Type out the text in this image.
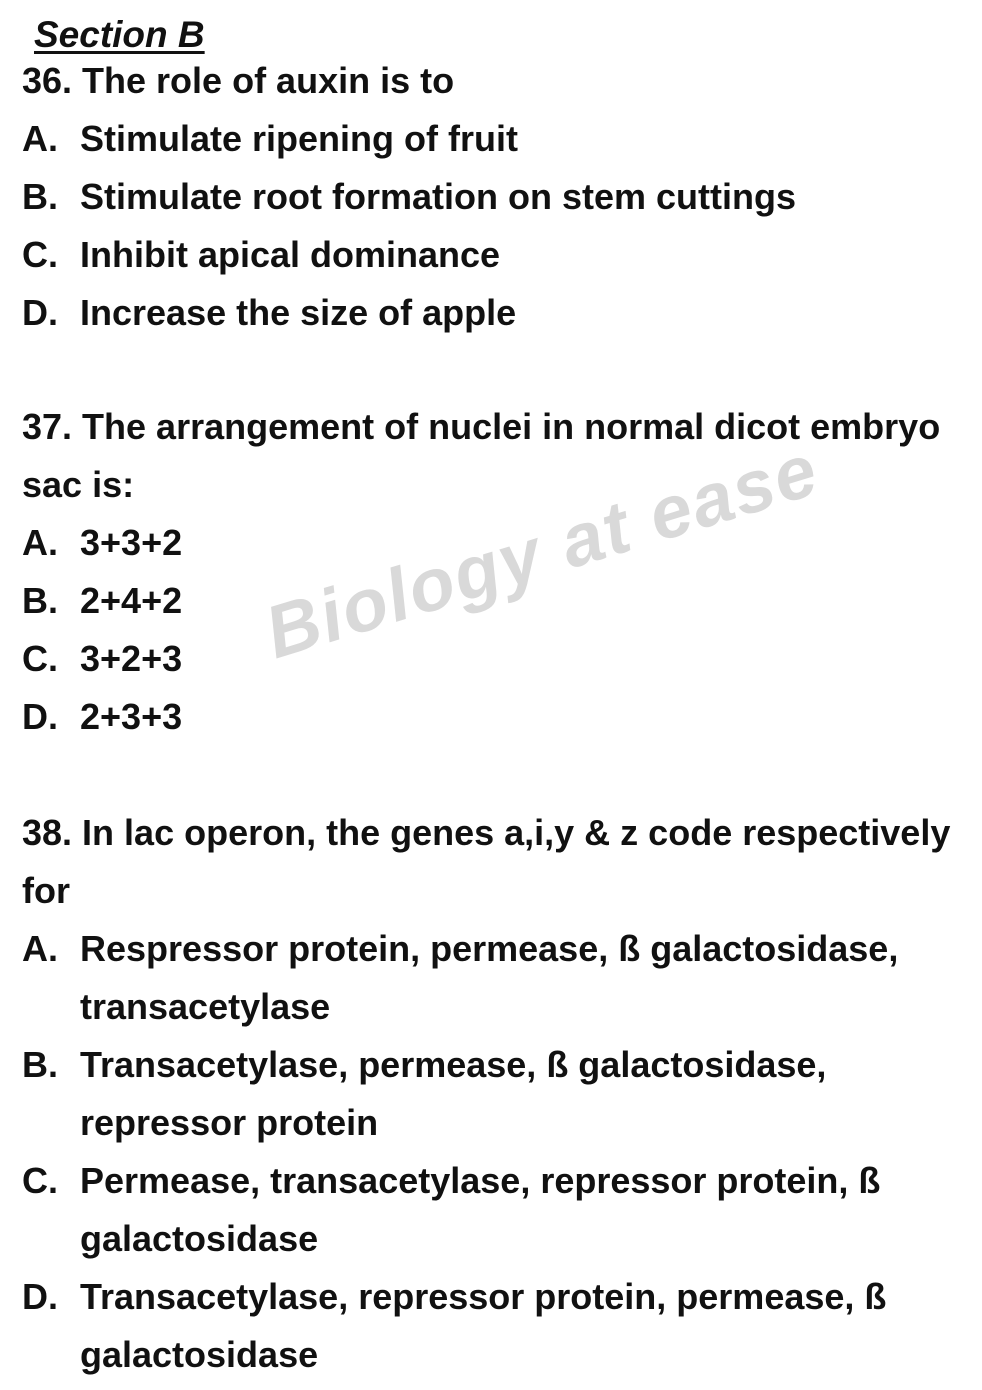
Section B
Biology at ease

36. The role of auxin is to

A. Stimulate ripening of fruit
B. Stimulate root formation on stem cuttings
C. Inhibit apical dominance
D. Increase the size of apple

37. The arrangement of nuclei in normal dicot embryo sac is:

A. 3+3+2
B. 2+4+2
C. 3+2+3
D. 2+3+3

38. In lac operon, the genes a,i,y & z code respectively for

A. Respressor protein, permease, ß galactosidase, transacetylase
B. Transacetylase, permease, ß galactosidase, repressor protein
C. Permease, transacetylase, repressor protein, ß galactosidase
D. Transacetylase, repressor protein, permease, ß galactosidase
